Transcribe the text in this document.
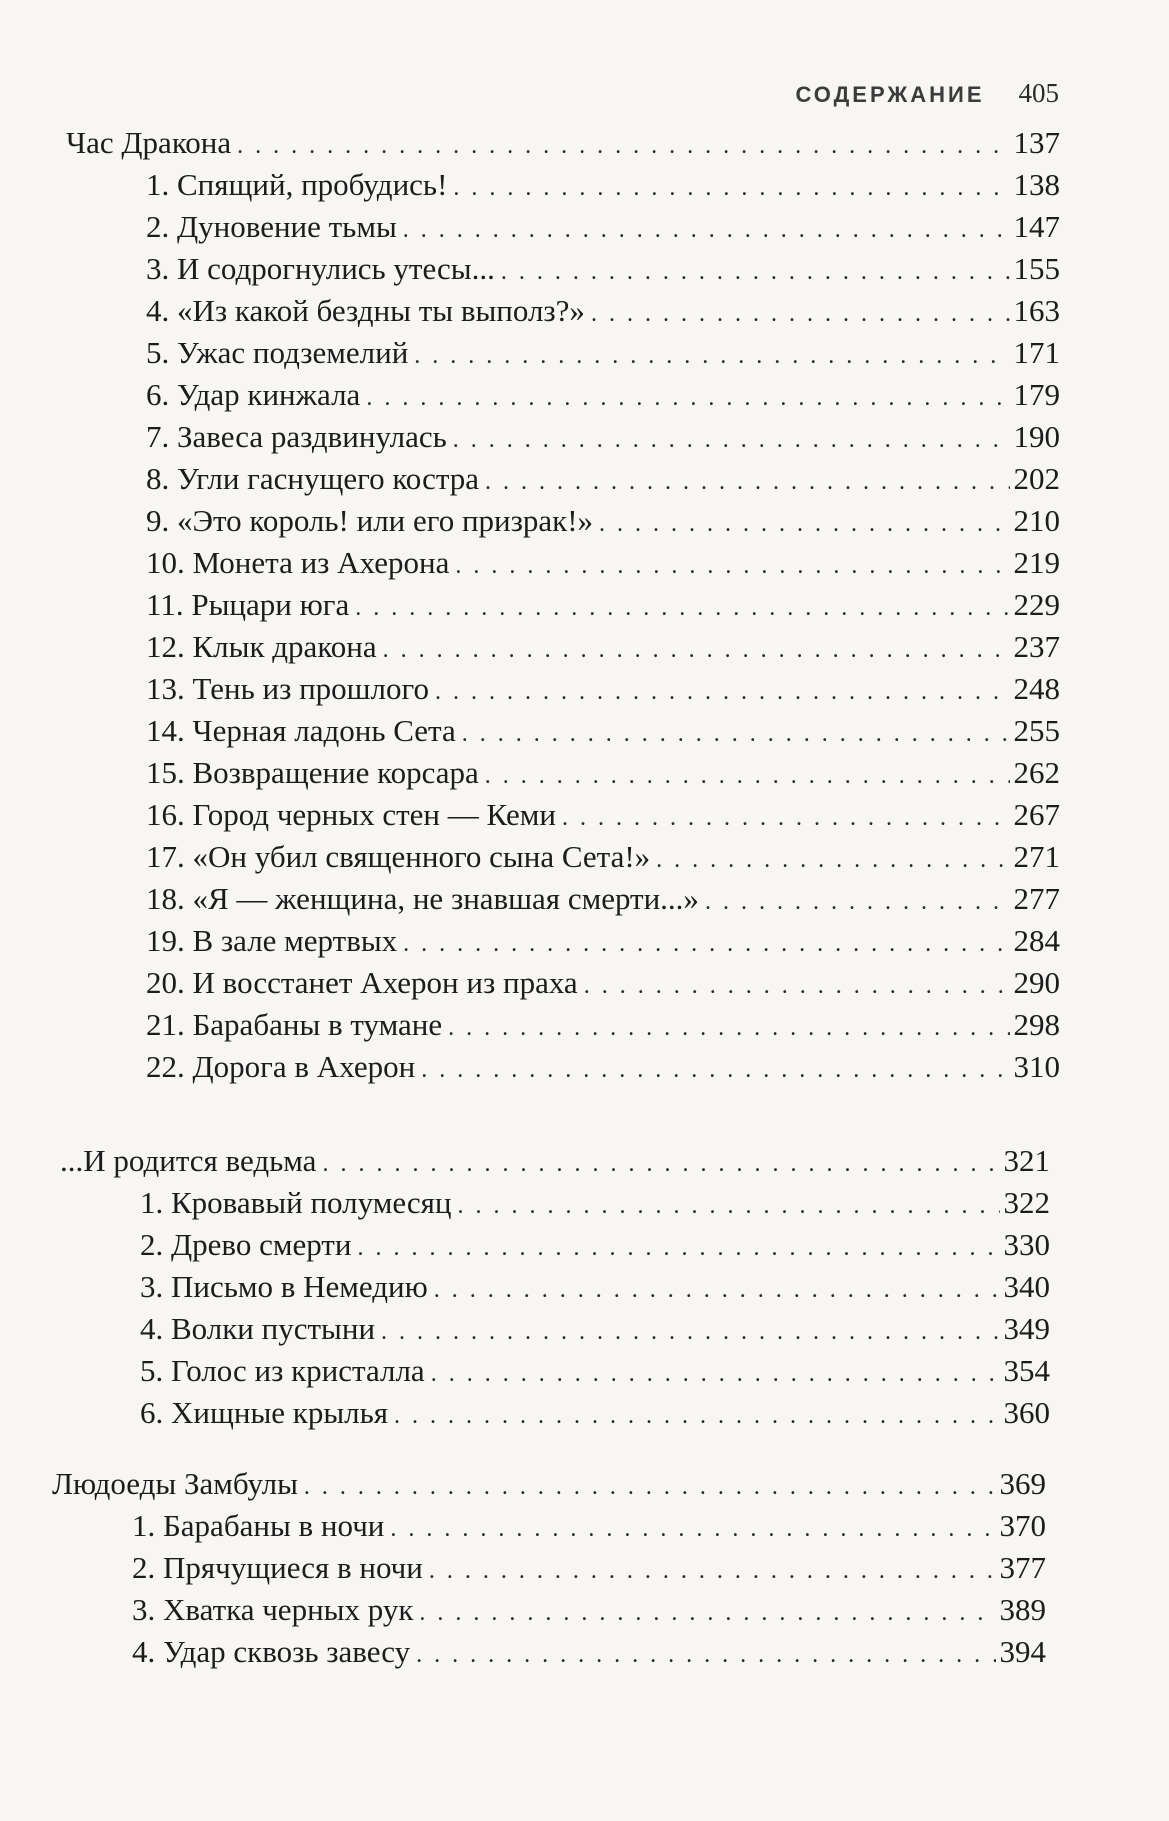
СОДЕРЖАНИЕ 405
Час Дракона . . .	137
1. Спящий, пробудись! . . .	138
2. Дуновение тьмы . . .	147
3. И содрогнулись утесы... . . .	155
4. «Из какой бездны ты выполз?» . . .	163
5. Ужас подземелий . . .	171
6. Удар кинжала . . .	179
7. Завеса раздвинулась . . .	190
8. Угли гаснущего костра . . .	202
9. «Это король! или его призрак!» . . .	210
10. Монета из Ахерона . . .	219
11. Рыцари юга . . .	229
12. Клык дракона . . .	237
13. Тень из прошлого . . .	248
14. Черная ладонь Сета . . .	255
15. Возвращение корсара . . .	262
16. Город черных стен — Кеми . . .	267
17. «Он убил священного сына Сета!» . . .	271
18. «Я — женщина, не знавшая смерти...» . . .	277
19. В зале мертвых . . .	284
20. И восстанет Ахерон из праха . . .	290
21. Барабаны в тумане . . .	298
22. Дорога в Ахерон . . .	310
...И родится ведьма . . .	321
1. Кровавый полумесяц . . .	322
2. Древо смерти . . .	330
3. Письмо в Немедию . . .	340
4. Волки пустыни . . .	349
5. Голос из кристалла . . .	354
6. Хищные крылья . . .	360
Людоеды Замбулы . . .	369
1. Барабаны в ночи . . .	370
2. Прячущиеся в ночи . . .	377
3. Хватка черных рук . . .	389
4. Удар сквозь завесу . . .	394
